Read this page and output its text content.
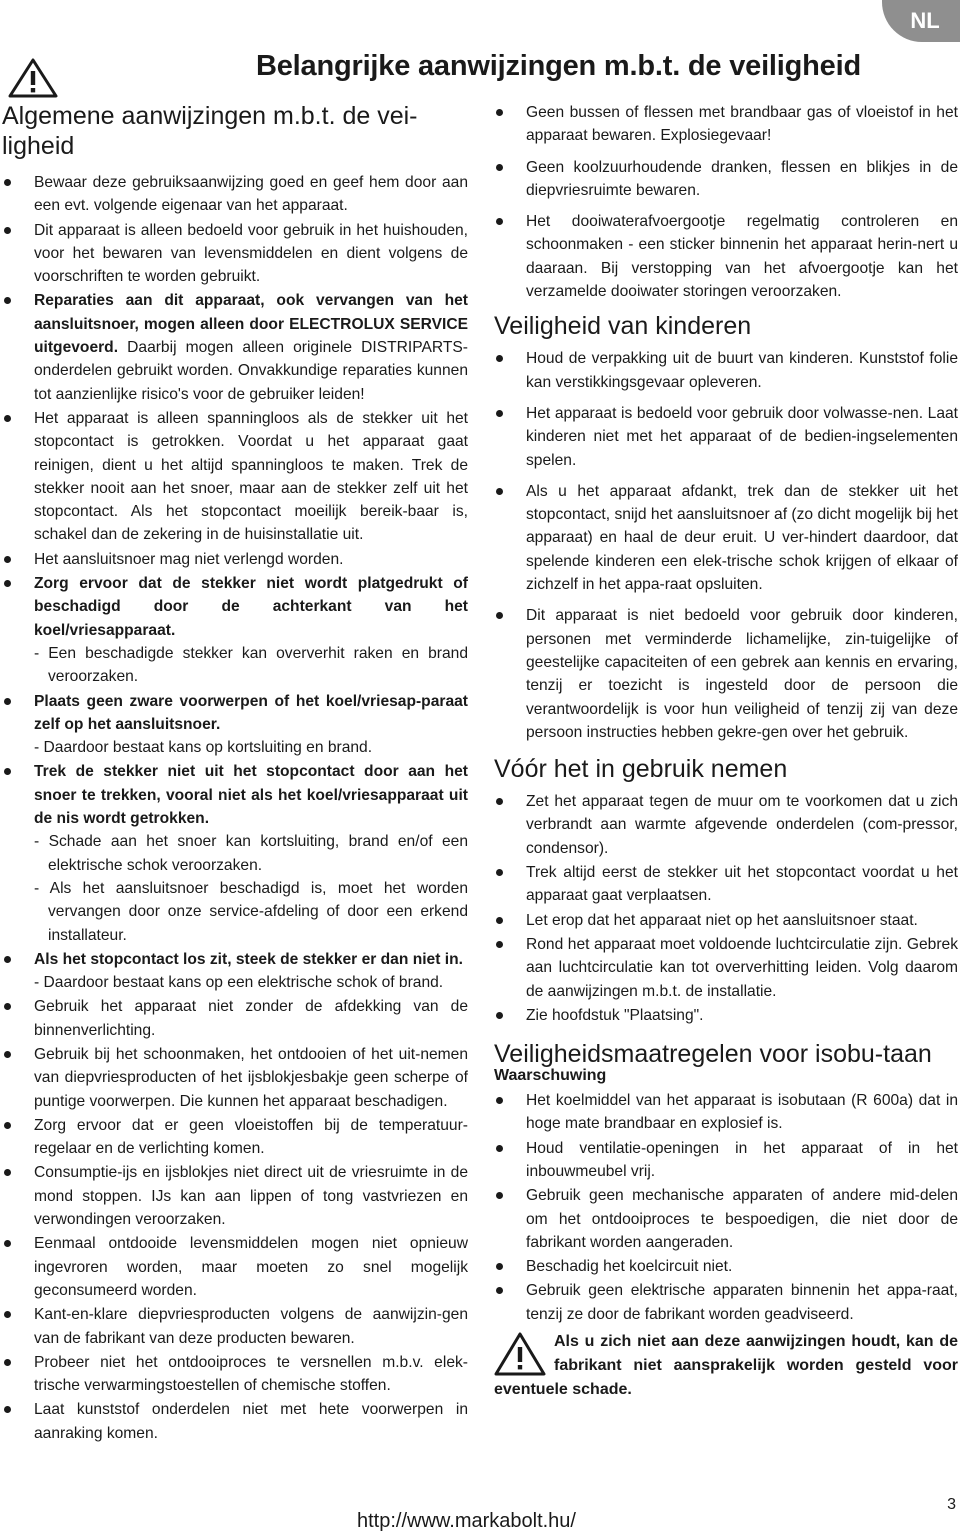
NL
Belangrijke aanwijzingen m.b.t. de veiligheid
Algemene aanwijzingen m.b.t. de vei-ligheid
Bewaar deze gebruiksaanwijzing goed en geef hem door aan een evt. volgende eigenaar van het apparaat.
Dit apparaat is alleen bedoeld voor gebruik in het huishouden, voor het bewaren van levensmiddelen en dient volgens de voorschriften te worden gebruikt.
Reparaties aan dit apparaat, ook vervangen van het aansluitsnoer, mogen alleen door ELECTROLUX SERVICE uitgevoerd. Daarbij mogen alleen originele DISTRIPARTS-onderdelen gebruikt worden. Onvakkundige reparaties kunnen tot aanzienlijke risico's voor de gebruiker leiden!
Het apparaat is alleen spanningloos als de stekker uit het stopcontact is getrokken. Voordat u het apparaat gaat reinigen, dient u het altijd spanningloos te maken. Trek de stekker nooit aan het snoer, maar aan de stekker zelf uit het stopcontact. Als het stopcontact moeilijk bereik-baar is, schakel dan de zekering in de huisinstallatie uit.
Het aansluitsnoer mag niet verlengd worden.
Zorg ervoor dat de stekker niet wordt platgedrukt of beschadigd door de achterkant van het koel/vriesapparaat.
- Een beschadigde stekker kan oververhit raken en brand veroorzaken.
Plaats geen zware voorwerpen of het koel/vriesap-paraat zelf op het aansluitsnoer.
- Daardoor bestaat kans op kortsluiting en brand.
Trek de stekker niet uit het stopcontact door aan het snoer te trekken, vooral niet als het koel/vriesapparaat uit de nis wordt getrokken.
- Schade aan het snoer kan kortsluiting, brand en/of een elektrische schok veroorzaken.
- Als het aansluitsnoer beschadigd is, moet het worden vervangen door onze service-afdeling of door een erkend installateur.
Als het stopcontact los zit, steek de stekker er dan niet in.
- Daardoor bestaat kans op een elektrische schok of brand.
Gebruik het apparaat niet zonder de afdekking van de binnenverlichting.
Gebruik bij het schoonmaken, het ontdooien of het uit-nemen van diepvriesproducten of het ijsblokjesbakje geen scherpe of puntige voorwerpen. Die kunnen het apparaat beschadigen.
Zorg ervoor dat er geen vloeistoffen bij de temperatuur-regelaar en de verlichting komen.
Consumptie-ijs en ijsblokjes niet direct uit de vriesruimte in de mond stoppen. IJs kan aan lippen of tong vastvriezen en verwondingen veroorzaken.
Eenmaal ontdooide levensmiddelen mogen niet opnieuw ingevroren worden, maar moeten zo snel mogelijk geconsumeerd worden.
Kant-en-klare diepvriesproducten volgens de aanwijzin-gen van de fabrikant van deze producten bewaren.
Probeer niet het ontdooiproces te versnellen m.b.v. elek-trische verwarmingstoestellen of chemische stoffen.
Laat kunststof onderdelen niet met hete voorwerpen in aanraking komen.
Geen bussen of flessen met brandbaar gas of vloeistof in het apparaat bewaren. Explosiegevaar!
Geen koolzuurhoudende dranken, flessen en blikjes in de diepvriesruimte bewaren.
Het dooiwaterafvoergootje regelmatig controleren en schoonmaken - een sticker binnenin het apparaat herin-nert u daaraan. Bij verstopping van het afvoergootje kan het verzamelde dooiwater storingen veroorzaken.
Veiligheid van kinderen
Houd de verpakking uit de buurt van kinderen. Kunststof folie kan verstikkingsgevaar opleveren.
Het apparaat is bedoeld voor gebruik door volwasse-nen. Laat kinderen niet met het apparaat of de bedien-ingselementen spelen.
Als u het apparaat afdankt, trek dan de stekker uit het stopcontact, snijd het aansluitsnoer af (zo dicht mogelijk bij het apparaat) en haal de deur eruit. U ver-hindert daardoor, dat spelende kinderen een elek-trische schok krijgen of elkaar of zichzelf in het appa-raat opsluiten.
Dit apparaat is niet bedoeld voor gebruik door kinderen, personen met verminderde lichamelijke, zin-tuigelijke of geestelijke capaciteiten of een gebrek aan kennis en ervaring, tenzij er toezicht is ingesteld door de persoon die verantwoordelijk is voor hun veiligheid of tenzij zij van deze persoon instructies hebben gekre-gen over het gebruik.
Vóór het in gebruik nemen
Zet het apparaat tegen de muur om te voorkomen dat u zich verbrandt aan warmte afgevende onderdelen (com-pressor, condensor).
Trek altijd eerst de stekker uit het stopcontact voordat u het apparaat gaat verplaatsen.
Let erop dat het apparaat niet op het aansluitsnoer staat.
Rond het apparaat moet voldoende luchtcirculatie zijn. Gebrek aan luchtcirculatie kan tot oververhitting leiden. Volg daarom de aanwijzingen m.b.t. de installatie.
Zie hoofdstuk "Plaatsing".
Veiligheidsmaatregelen voor isobu-taan
Waarschuwing
Het koelmiddel van het apparaat is isobutaan (R 600a) dat in hoge mate brandbaar en explosief is.
Houd ventilatie-openingen in het apparaat of in het inbouwmeubel vrij.
Gebruik geen mechanische apparaten of andere mid-delen om het ontdooiproces te bespoedigen, die niet door de fabrikant worden aangeraden.
Beschadig het koelcircuit niet.
Gebruik geen elektrische apparaten binnenin het appa-raat, tenzij ze door de fabrikant worden geadviseerd.
Als u zich niet aan deze aanwijzingen houdt, kan de fabrikant niet aansprakelijk worden gesteld voor eventuele schade.
http://www.markabolt.hu/
3
